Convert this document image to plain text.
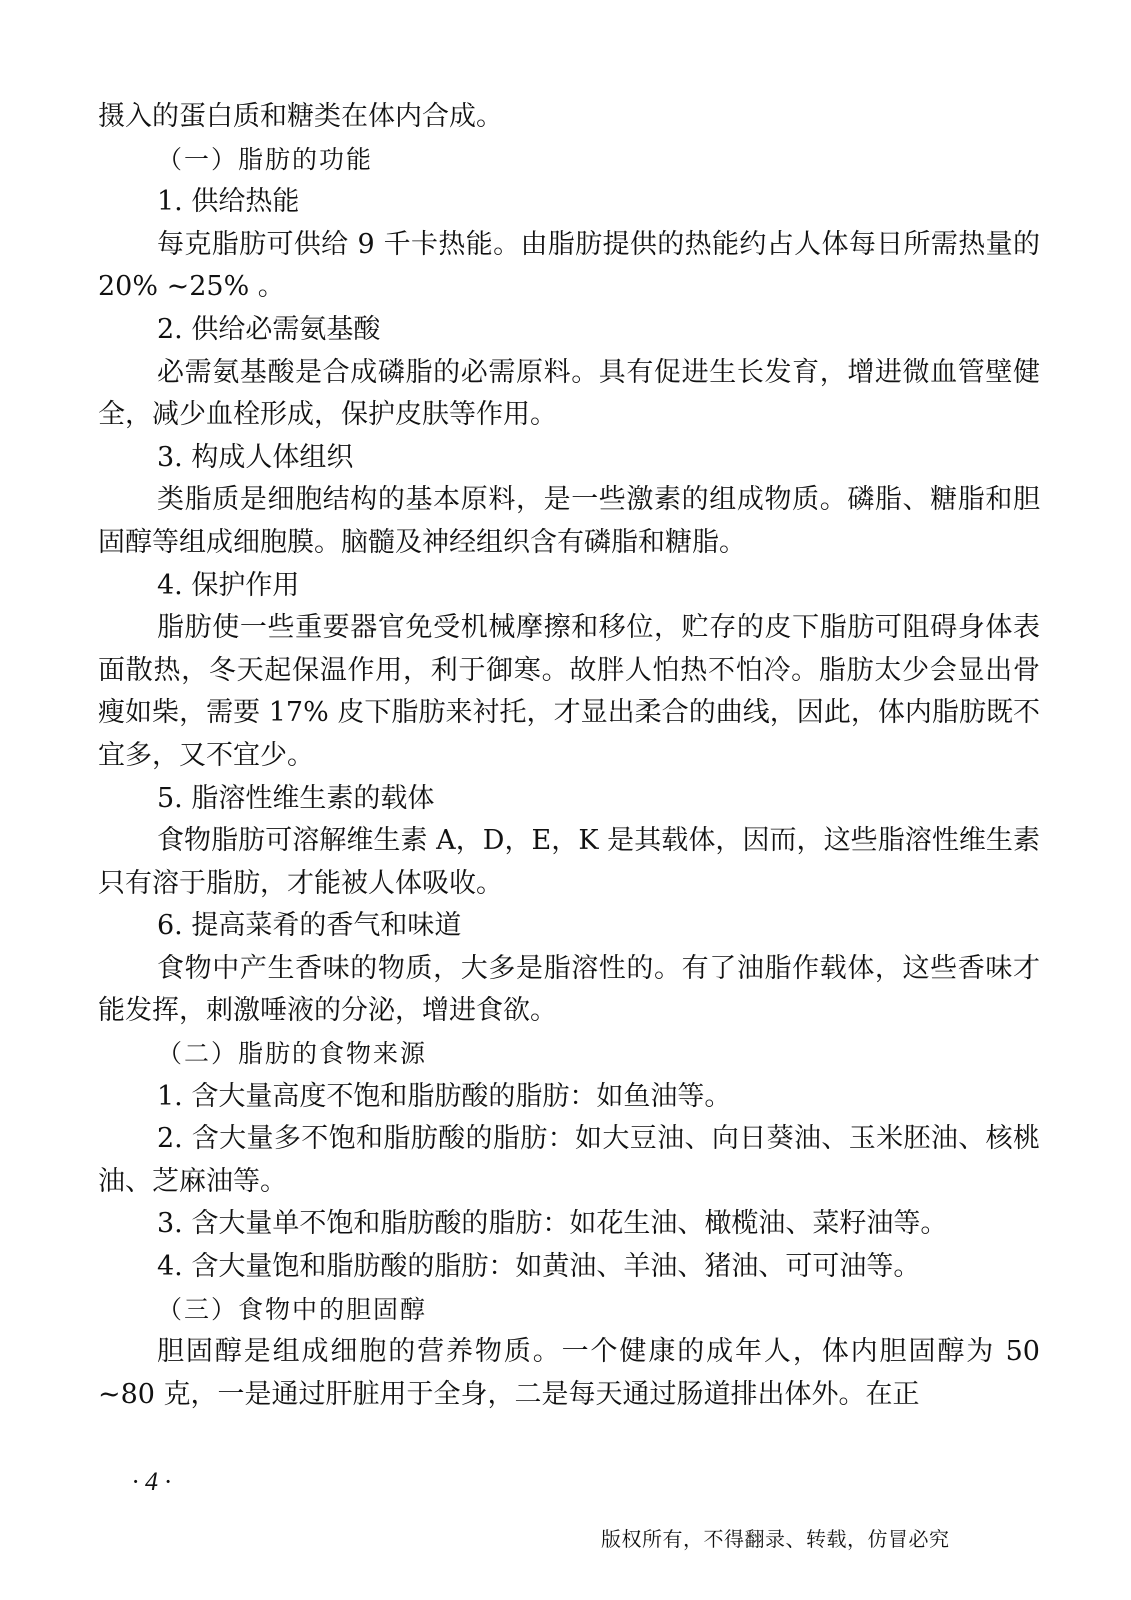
摄入的蛋白质和糖类在体内合成。

（一）脂肪的功能

1. 供给热能

每克脂肪可供给 9 千卡热能。由脂肪提供的热能约占人体每日所需热量的 20% ~25% 。

2. 供给必需氨基酸

必需氨基酸是合成磷脂的必需原料。具有促进生长发育，增进微血管壁健全，减少血栓形成，保护皮肤等作用。

3. 构成人体组织

类脂质是细胞结构的基本原料，是一些激素的组成物质。磷脂、糖脂和胆固醇等组成细胞膜。脑髓及神经组织含有磷脂和糖脂。

4. 保护作用

脂肪使一些重要器官免受机械摩擦和移位，贮存的皮下脂肪可阻碍身体表面散热，冬天起保温作用，利于御寒。故胖人怕热不怕冷。脂肪太少会显出骨瘦如柴，需要 17% 皮下脂肪来衬托，才显出柔合的曲线，因此，体内脂肪既不宜多，又不宜少。

5. 脂溶性维生素的载体

食物脂肪可溶解维生素 A，D，E，K 是其载体，因而，这些脂溶性维生素只有溶于脂肪，才能被人体吸收。

6. 提高菜肴的香气和味道

食物中产生香味的物质，大多是脂溶性的。有了油脂作载体，这些香味才能发挥，刺激唾液的分泌，增进食欲。

（二）脂肪的食物来源

1. 含大量高度不饱和脂肪酸的脂肪：如鱼油等。

2. 含大量多不饱和脂肪酸的脂肪：如大豆油、向日葵油、玉米胚油、核桃油、芝麻油等。

3. 含大量单不饱和脂肪酸的脂肪：如花生油、橄榄油、菜籽油等。

4. 含大量饱和脂肪酸的脂肪：如黄油、羊油、猪油、可可油等。

（三）食物中的胆固醇

胆固醇是组成细胞的营养物质。一个健康的成年人，体内胆固醇为 50 ~80 克，一是通过肝脏用于全身，二是每天通过肠道排出体外。在正

· 4 ·
版权所有，不得翻录、转载，仿冒必究
